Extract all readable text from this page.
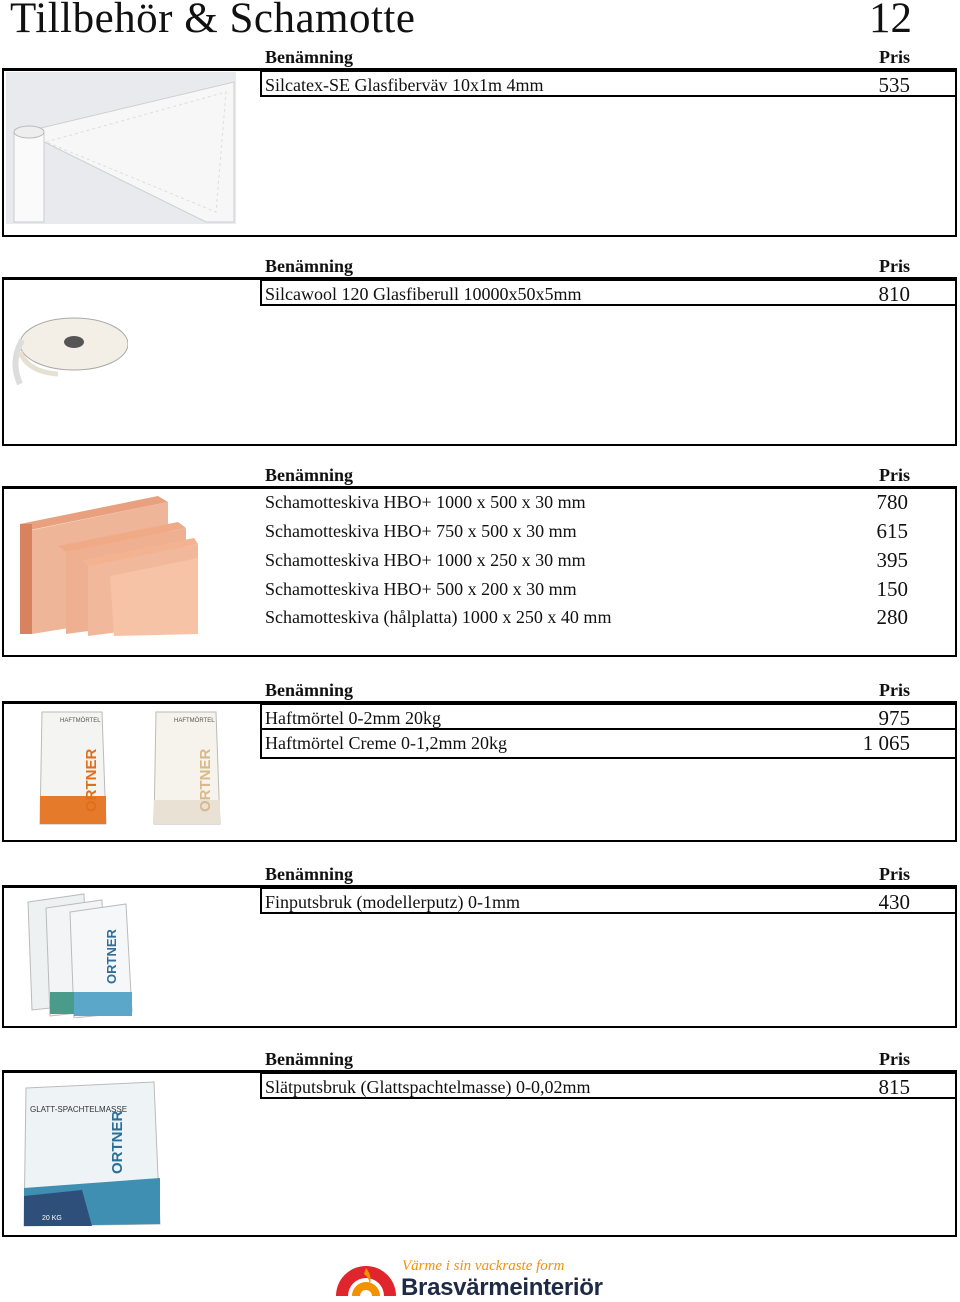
Tillbehör & Schamotte	12
Benämning	Pris
Silcatex-SE Glasfiberväv 10x1m 4mm	535
Benämning	Pris
Silcawool 120 Glasfiberull 10000x50x5mm	810
Benämning	Pris
Schamotteskiva HBO+ 1000 x 500 x 30 mm	780
Schamotteskiva HBO+ 750 x 500 x 30 mm	615
Schamotteskiva HBO+ 1000 x 250 x 30 mm	395
Schamotteskiva HBO+ 500 x 200 x 30 mm	150
Schamotteskiva (hålplatta) 1000 x 250 x 40 mm	280
Benämning	Pris
Haftmörtel 0-2mm 20kg	975
Haftmörtel Creme 0-1,2mm 20kg	1 065
HAFTMÖRTEL
ORTNER
HAFTMÖRTEL
ORTNER
Benämning	Pris
Finputsbruk (modellerputz) 0-1mm	430
ORTNER
Benämning	Pris
Slätputsbruk (Glattspachtelmasse) 0-0,02mm	815
GLATT-SPACHTELMASSE
ORTNER
20 KG
Värme i sin vackraste form
Brasvärmeinteriör
